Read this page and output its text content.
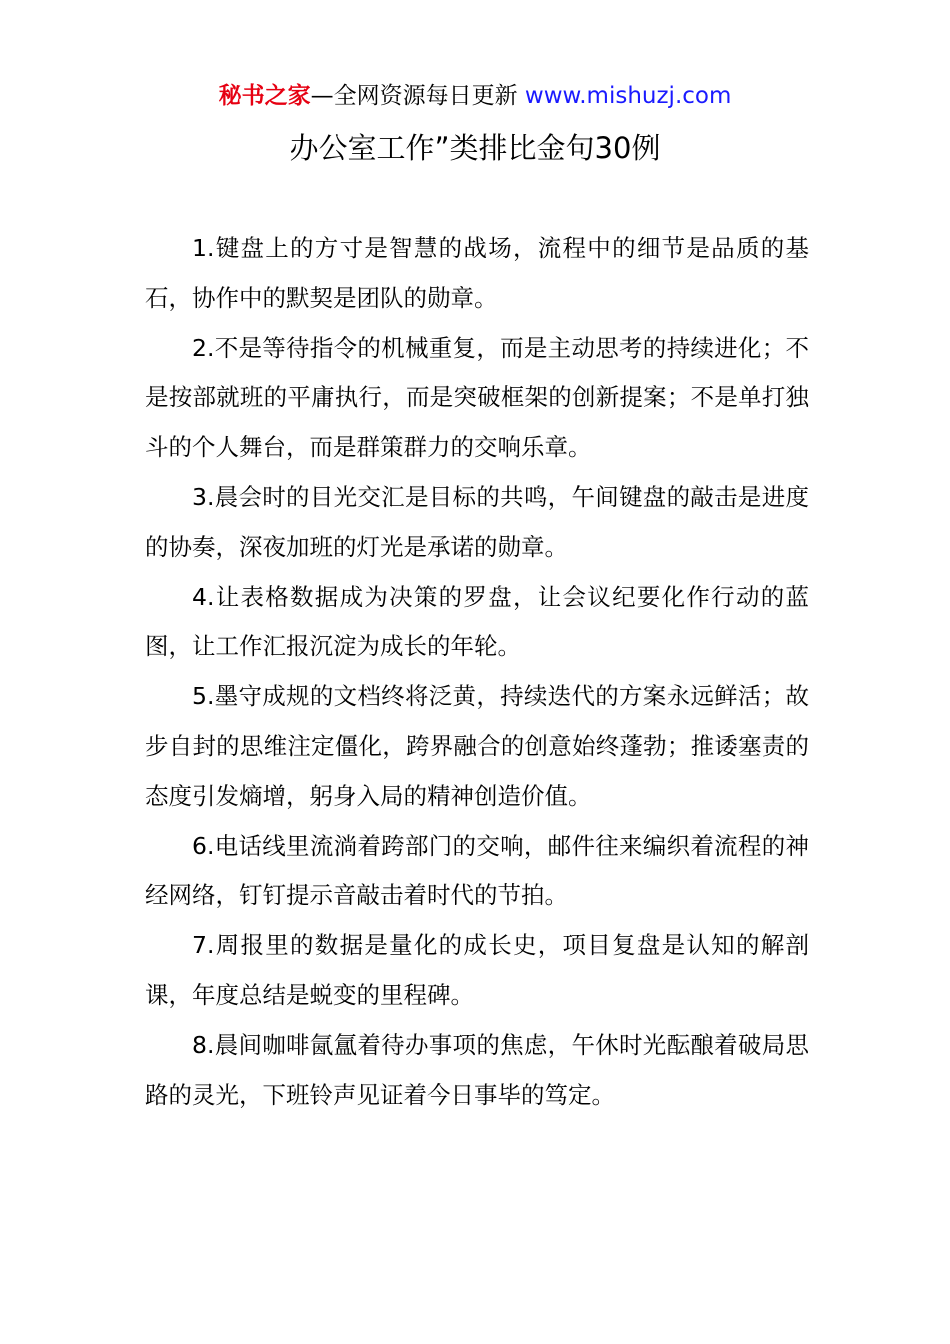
秘书之家—全网资源每日更新 www.mishuzj.com
办公室工作”类排比金句30例

1.键盘上的方寸是智慧的战场，流程中的细节是品质的基石，协作中的默契是团队的勋章。

2.不是等待指令的机械重复，而是主动思考的持续进化；不是按部就班的平庸执行，而是突破框架的创新提案；不是单打独斗的个人舞台，而是群策群力的交响乐章。

3.晨会时的目光交汇是目标的共鸣，午间键盘的敲击是进度的协奏，深夜加班的灯光是承诺的勋章。

4.让表格数据成为决策的罗盘，让会议纪要化作行动的蓝图，让工作汇报沉淀为成长的年轮。

5.墨守成规的文档终将泛黄，持续迭代的方案永远鲜活；故步自封的思维注定僵化，跨界融合的创意始终蓬勃；推诿塞责的态度引发熵增，躬身入局的精神创造价值。

6.电话线里流淌着跨部门的交响，邮件往来编织着流程的神经网络，钉钉提示音敲击着时代的节拍。

7.周报里的数据是量化的成长史，项目复盘是认知的解剖课，年度总结是蜕变的里程碑。

8.晨间咖啡氤氲着待办事项的焦虑，午休时光酝酿着破局思路的灵光，下班铃声见证着今日事毕的笃定。
